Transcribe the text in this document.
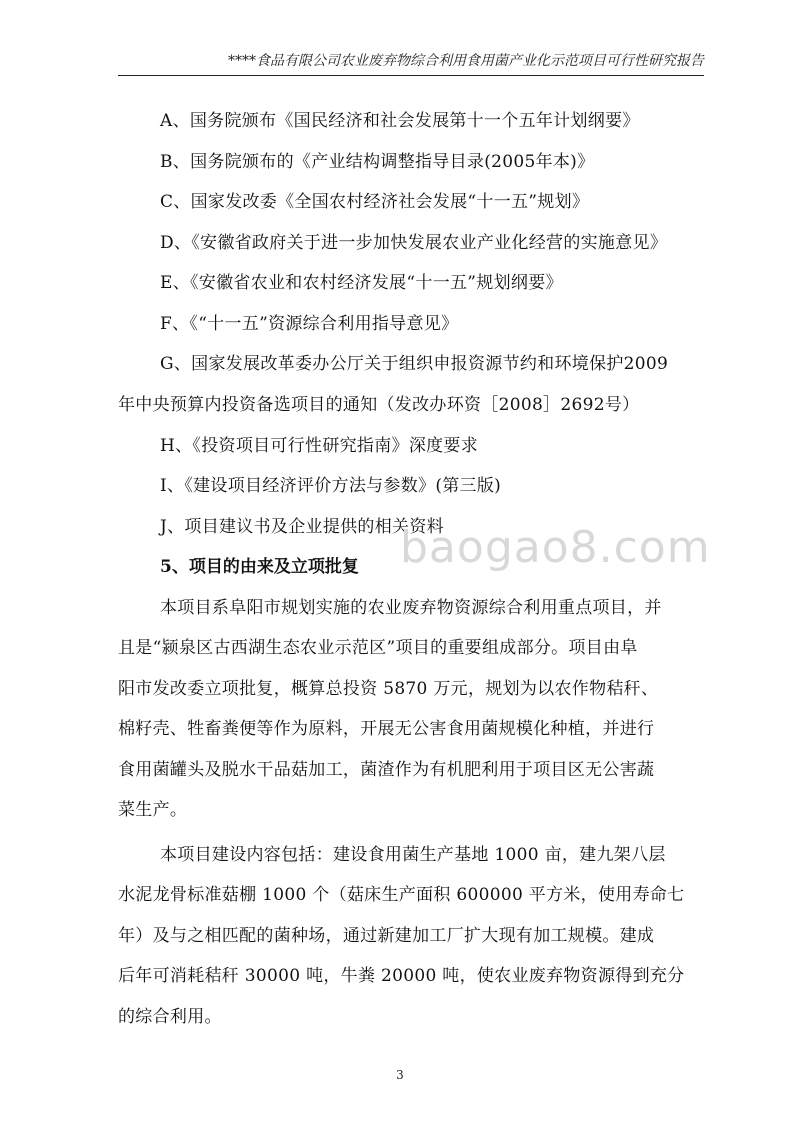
****食品有限公司农业废弃物综合利用食用菌产业化示范项目可行性研究报告
A、国务院颁布《国民经济和社会发展第十一个五年计划纲要》
B、国务院颁布的《产业结构调整指导目录(2005年本)》
C、国家发改委《全国农村经济社会发展“十一五”规划》
D、《安徽省政府关于进一步加快发展农业产业化经营的实施意见》
E、《安徽省农业和农村经济发展“十一五”规划纲要》
F、《“十一五”资源综合利用指导意见》
G、国家发展改革委办公厅关于组织申报资源节约和环境保护2009
年中央预算内投资备选项目的通知（发改办环资［2008］2692号）
H、《投资项目可行性研究指南》深度要求
I、《建设项目经济评价方法与参数》(第三版)
J、项目建议书及企业提供的相关资料
baogao8.com
5、项目的由来及立项批复
本项目系阜阳市规划实施的农业废弃物资源综合利用重点项目，并
且是“颍泉区古西湖生态农业示范区”项目的重要组成部分。项目由阜
阳市发改委立项批复，概算总投资 5870 万元，规划为以农作物秸秆、
棉籽壳、牲畜粪便等作为原料，开展无公害食用菌规模化种植，并进行
食用菌罐头及脱水干品菇加工，菌渣作为有机肥利用于项目区无公害蔬
菜生产。
本项目建设内容包括：建设食用菌生产基地 1000 亩，建九架八层
水泥龙骨标准菇棚 1000 个（菇床生产面积 600000 平方米，使用寿命七
年）及与之相匹配的菌种场，通过新建加工厂扩大现有加工规模。建成
后年可消耗秸秆 30000 吨，牛粪 20000 吨，使农业废弃物资源得到充分
的综合利用。
3
